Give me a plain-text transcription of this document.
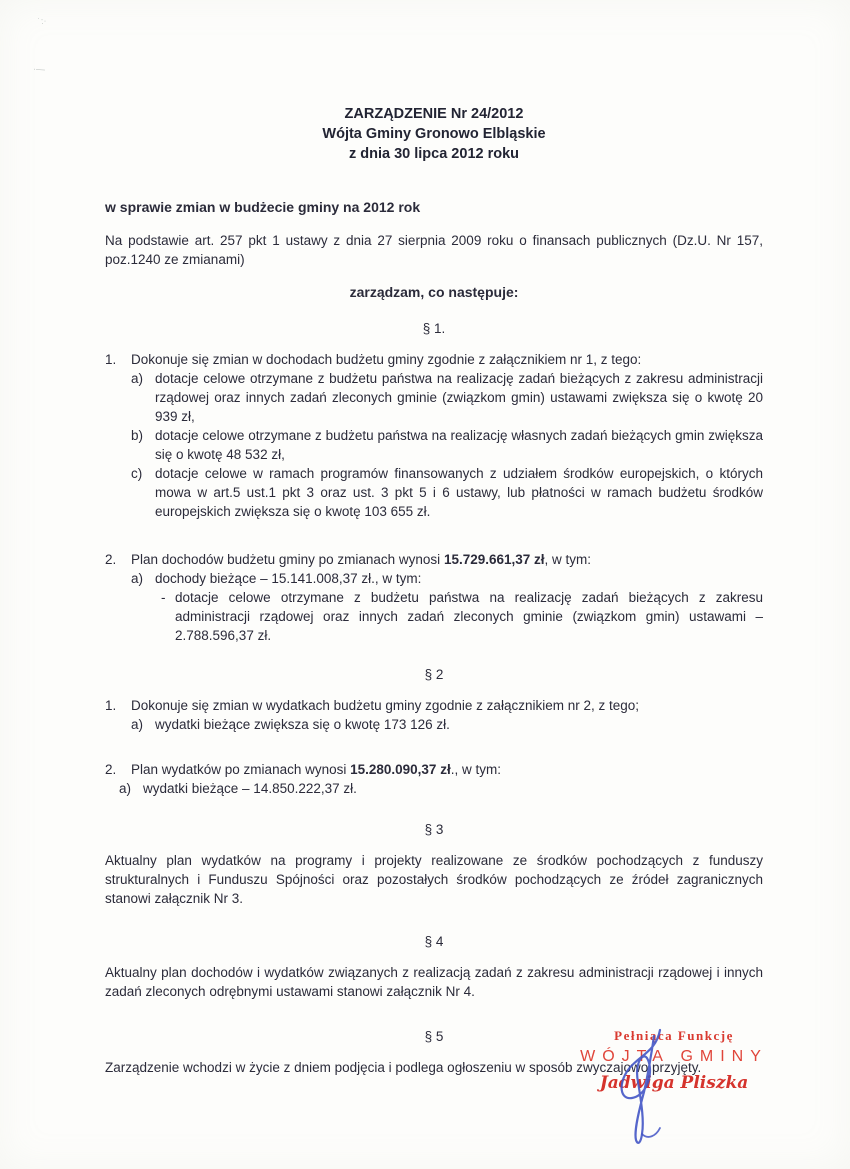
˙:·
·—
ZARZĄDZENIE Nr 24/2012
Wójta Gminy Gronowo Elbląskie
z dnia 30 lipca 2012 roku

w sprawie zmian w budżecie gminy na 2012 rok

Na podstawie art. 257 pkt 1 ustawy z dnia 27 sierpnia 2009 roku o finansach publicznych (Dz.U. Nr 157, poz.1240 ze zmianami)

zarządzam, co następuje:

§ 1.
1.	Dokonuje się zmian w dochodach budżetu gminy zgodnie z załącznikiem nr 1, z tego:
a) dotacje celowe otrzymane z budżetu państwa na realizację zadań bieżących z zakresu administracji rządowej oraz innych zadań zleconych gminie (związkom gmin) ustawami zwiększa się o kwotę 20 939 zł,
b) dotacje celowe otrzymane z budżetu państwa na realizację własnych zadań bieżących gmin zwiększa się o kwotę 48 532 zł,
c) dotacje celowe w ramach programów finansowanych z udziałem środków europejskich, o których mowa w art.5 ust.1 pkt 3 oraz ust. 3 pkt 5 i 6 ustawy, lub płatności w ramach budżetu środków europejskich zwiększa się o kwotę 103 655 zł.
2.	Plan dochodów budżetu gminy po zmianach wynosi 15.729.661,37 zł, w tym:
a) dochody bieżące – 15.141.008,37 zł., w tym:
- dotacje celowe otrzymane z budżetu państwa na realizację zadań bieżących z zakresu administracji rządowej oraz innych zadań zleconych gminie (związkom gmin) ustawami – 2.788.596,37 zł.
§ 2
1.	Dokonuje się zmian w wydatkach budżetu gminy zgodnie z załącznikiem nr 2, z tego;
a) wydatki bieżące zwiększa się o kwotę 173 126 zł.
2.	Plan wydatków po zmianach wynosi 15.280.090,37 zł., w tym:
a) wydatki bieżące – 14.850.222,37 zł.
§ 3

Aktualny plan wydatków na programy i projekty realizowane ze środków pochodzących z funduszy strukturalnych i Funduszu Spójności oraz pozostałych środków pochodzących ze źródeł zagranicznych stanowi załącznik Nr 3.

§ 4

Aktualny plan dochodów i wydatków związanych z realizacją zadań z zakresu administracji rządowej i innych zadań zleconych odrębnymi ustawami stanowi załącznik Nr 4.

§ 5

Zarządzenie wchodzi w życie z dniem podjęcia i podlega ogłoszeniu w sposób zwyczajowo przyjęty.

Pełniąca Funkcję
WÓJTA GMINY
Jadwiga Pliszka
